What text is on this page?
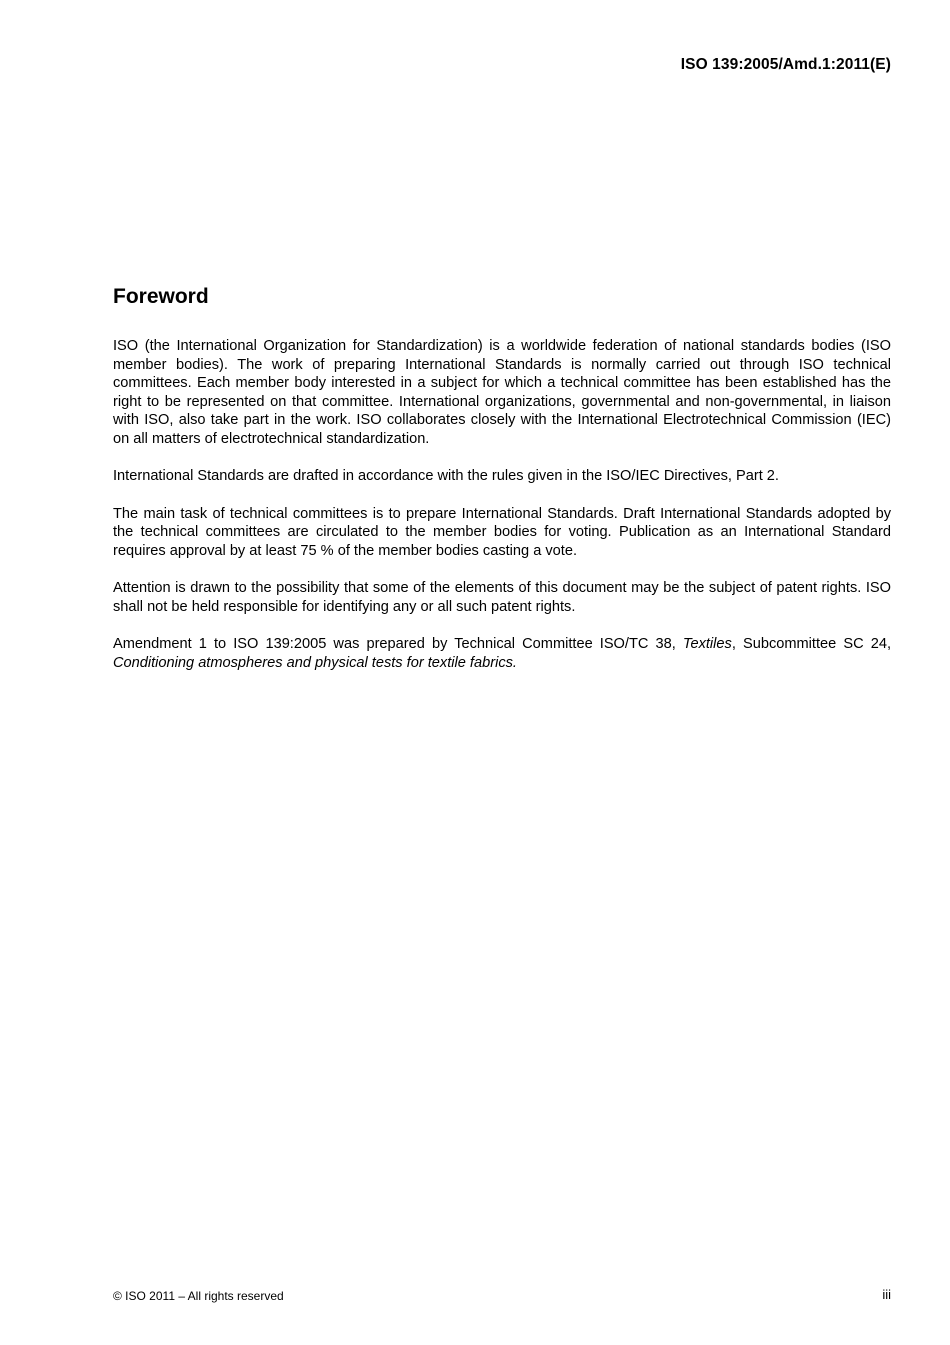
ISO 139:2005/Amd.1:2011(E)
Foreword

ISO (the International Organization for Standardization) is a worldwide federation of national standards bodies (ISO member bodies). The work of preparing International Standards is normally carried out through ISO technical committees. Each member body interested in a subject for which a technical committee has been established has the right to be represented on that committee. International organizations, governmental and non-governmental, in liaison with ISO, also take part in the work. ISO collaborates closely with the International Electrotechnical Commission (IEC) on all matters of electrotechnical standardization.

International Standards are drafted in accordance with the rules given in the ISO/IEC Directives, Part 2.

The main task of technical committees is to prepare International Standards. Draft International Standards adopted by the technical committees are circulated to the member bodies for voting. Publication as an International Standard requires approval by at least 75 % of the member bodies casting a vote.

Attention is drawn to the possibility that some of the elements of this document may be the subject of patent rights. ISO shall not be held responsible for identifying any or all such patent rights.

Amendment 1 to ISO 139:2005 was prepared by Technical Committee ISO/TC 38, Textiles, Subcommittee SC 24, Conditioning atmospheres and physical tests for textile fabrics.

© ISO 2011 – All rights reserved	iii
